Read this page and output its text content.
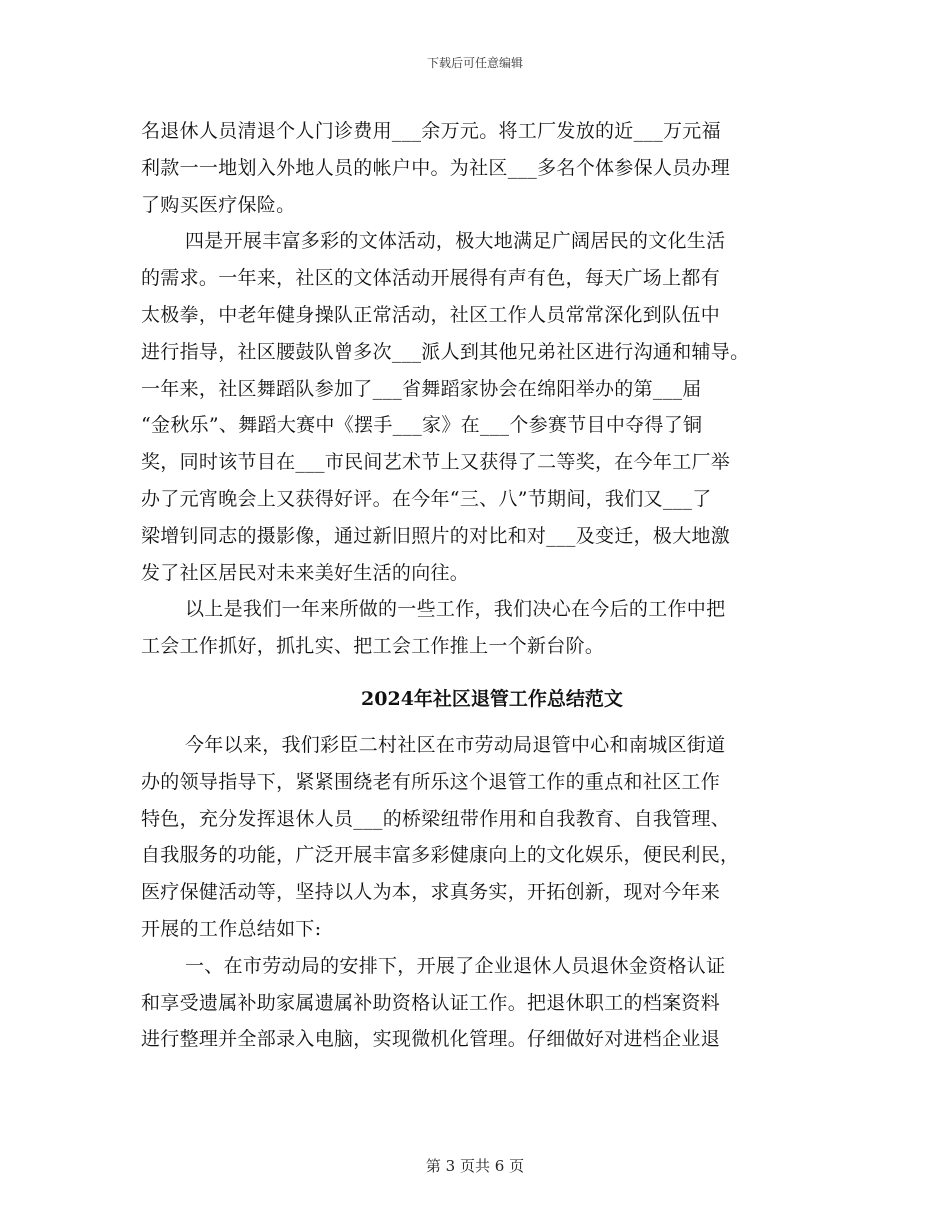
下载后可任意编辑
名退休人员清退个人门诊费用___余万元。将工厂发放的近___万元福
利款一一地划入外地人员的帐户中。为社区___多名个体参保人员办理
了购买医疗保险。
四是开展丰富多彩的文体活动，极大地满足广阔居民的文化生活
的需求。一年来，社区的文体活动开展得有声有色，每天广场上都有
太极拳，中老年健身操队正常活动，社区工作人员常常深化到队伍中
进行指导，社区腰鼓队曾多次___派人到其他兄弟社区进行沟通和辅导。
一年来，社区舞蹈队参加了___省舞蹈家协会在绵阳举办的第___届
“金秋乐”、舞蹈大赛中《摆手___家》在___个参赛节目中夺得了铜
奖，同时该节目在___市民间艺术节上又获得了二等奖，在今年工厂举
办了元宵晚会上又获得好评。在今年“三、八”节期间，我们又___了
梁增钊同志的摄影像，通过新旧照片的对比和对___及变迁，极大地激
发了社区居民对未来美好生活的向往。
以上是我们一年来所做的一些工作，我们决心在今后的工作中把
工会工作抓好，抓扎实、把工会工作推上一个新台阶。
2024年社区退管工作总结范文
今年以来，我们彩臣二村社区在市劳动局退管中心和南城区街道
办的领导指导下，紧紧围绕老有所乐这个退管工作的重点和社区工作
特色，充分发挥退休人员___的桥梁纽带作用和自我教育、自我管理、
自我服务的功能，广泛开展丰富多彩健康向上的文化娱乐，便民利民，
医疗保健活动等，坚持以人为本，求真务实，开拓创新，现对今年来
开展的工作总结如下:
一、在市劳动局的安排下，开展了企业退休人员退休金资格认证
和享受遗属补助家属遗属补助资格认证工作。把退休职工的档案资料
进行整理并全部录入电脑，实现微机化管理。仔细做好对进档企业退
第 3 页共 6 页
